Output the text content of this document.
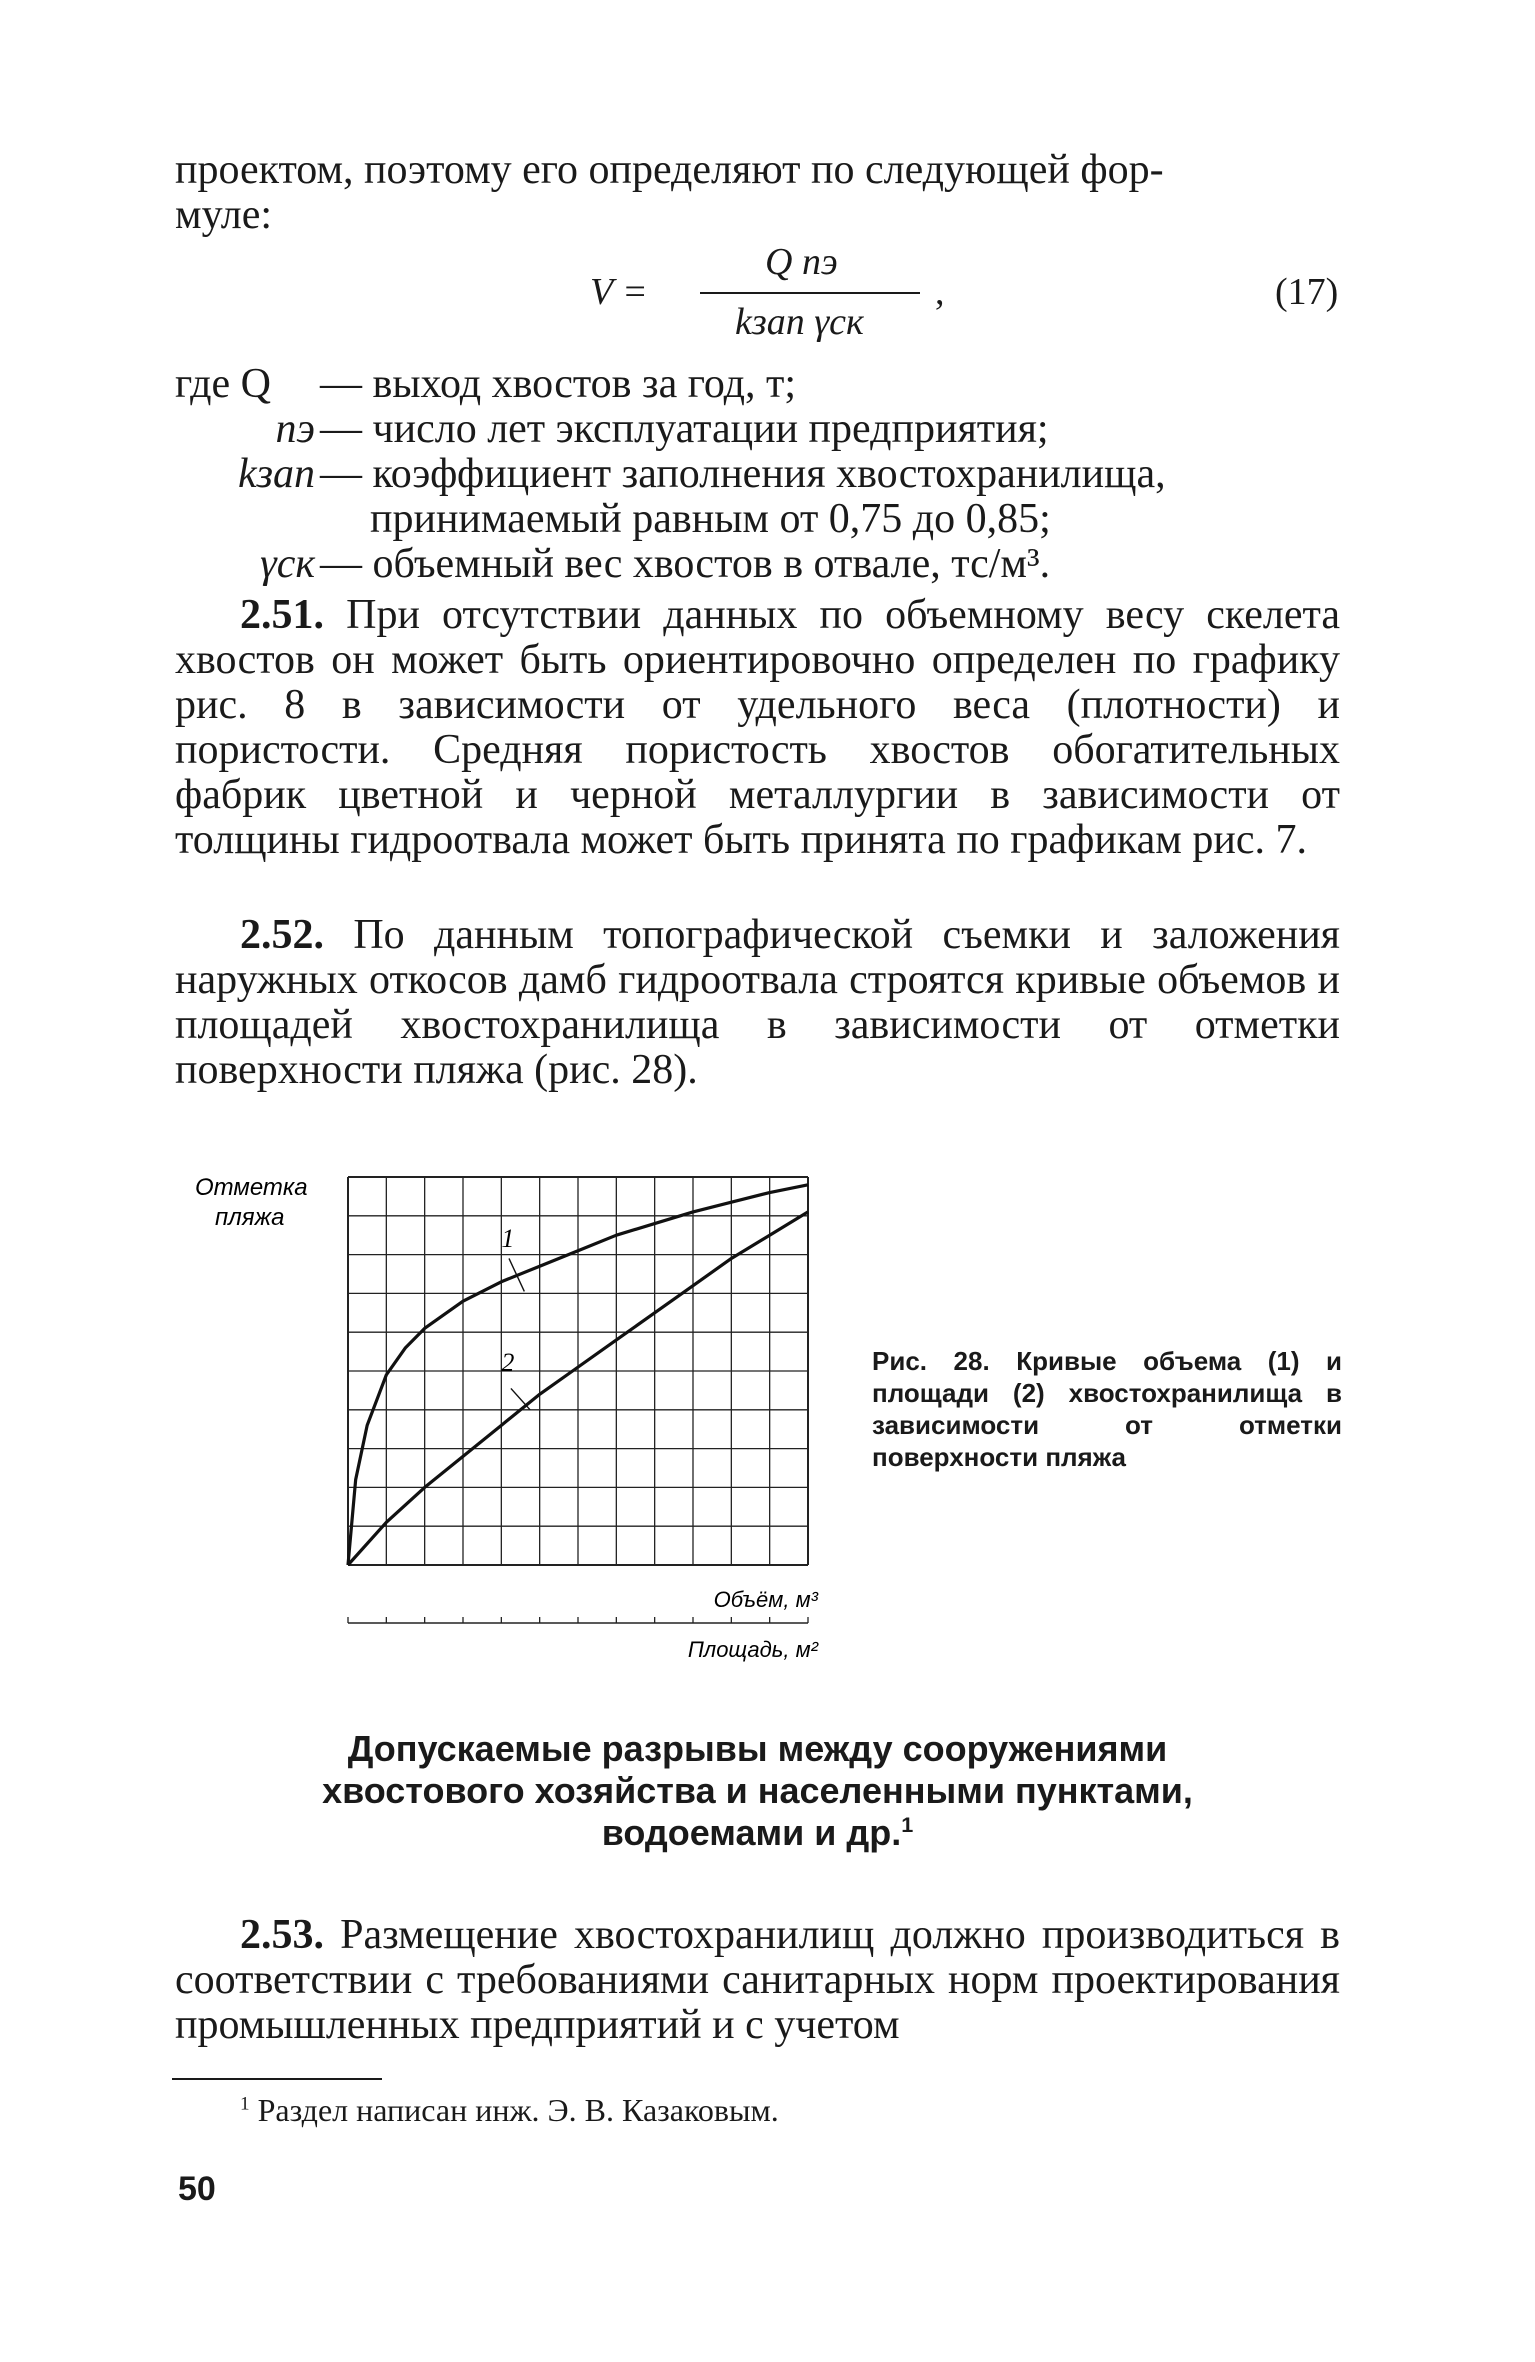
проектом, поэтому его определяют по следующей фор-
муле:
V =
Q nэ
kзап γск
,	(17)
где Q — выход хвостов за год, т;
nэ — число лет эксплуатации предприятия;
kзап — коэффициент заполнения хвостохранилища,
принимаемый равным от 0,75 до 0,85;
γск — объемный вес хвостов в отвале, тс/м³.

2.51. При отсутствии данных по объемному весу скелета хвостов он может быть ориентировочно определен по графику рис. 8 в зависимости от удельного веса (плотности) и пористости. Средняя пористость хвостов обогатительных фабрик цветной и черной металлургии в зависимости от толщины гидроотвала может быть принята по графикам рис. 7.

2.52. По данным топографической съемки и заложения наружных откосов дамб гидроотвала строятся кривые объемов и площадей хвостохранилища в зависимости от отметки поверхности пляжа (рис. 28).

1
2
Отметка
пляжа
Объём, м³
Площадь, м²
Рис. 28. Кривые объема (1) и площади (2) хвостохранилища в зависимости от отметки поверхности пляжа
Допускаемые разрывы между сооружениями
хвостового хозяйства и населенными пунктами,
водоемами и др.$^1$

2.53. Размещение хвостохранилищ должно производиться в соответствии с требованиями санитарных норм проектирования промышленных предприятий и с учетом

$^1$ Раздел написан инж. Э. В. Казаковым.
50
